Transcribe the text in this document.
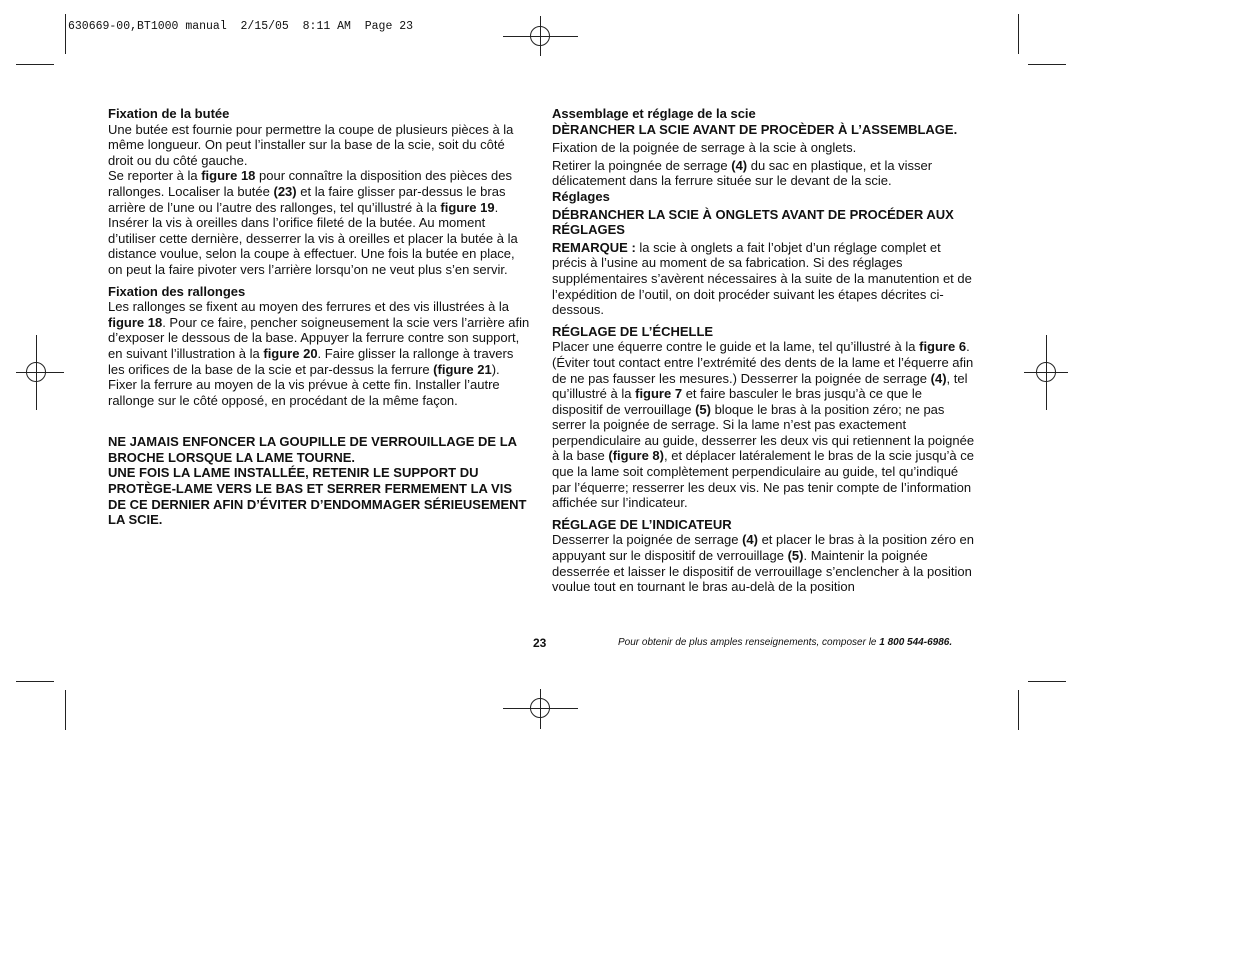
630669-00,BT1000 manual  2/15/05  8:11 AM  Page 23

Fixation de la butée

Une butée est fournie pour permettre la coupe de plusieurs pièces à la même longueur. On peut l’installer sur la base de la scie, soit du côté droit ou du côté gauche.

Se reporter à la figure 18 pour connaître la disposition des pièces des rallonges. Localiser la butée (23) et la faire glisser par-dessus le bras arrière de l’une ou l’autre des rallonges, tel qu’illustré à la figure 19. Insérer la vis à oreilles dans l’orifice fileté de la butée. Au moment d’utiliser cette dernière, desserrer la vis à oreilles et placer la butée à la distance voulue, selon la coupe à effectuer. Une fois la butée en place, on peut la faire pivoter vers l’arrière lorsqu’on ne veut plus s’en servir.

Fixation des rallonges

Les rallonges se fixent au moyen des ferrures et des vis illustrées à la figure 18. Pour ce faire, pencher soigneusement la scie vers l’arrière afin d’exposer le dessous de la base. Appuyer la ferrure contre son support, en suivant l’illustration à la figure 20. Faire glisser la rallonge à travers les orifices de la base de la scie et par-dessus la ferrure (figure 21). Fixer la ferrure au moyen de la vis prévue à cette fin. Installer l’autre rallonge sur le côté opposé, en procédant de la même façon.

NE JAMAIS ENFONCER LA GOUPILLE DE VERROUILLAGE DE LA BROCHE LORSQUE LA LAME TOURNE.

UNE FOIS LA LAME INSTALLÉE, RETENIR LE SUPPORT DU PROTÈGE-LAME VERS LE BAS ET SERRER FERMEMENT LA VIS DE CE DERNIER AFIN D’ÉVITER D’ENDOMMAGER SÉRIEUSEMENT LA SCIE.

Assemblage et réglage de la scie

DÈRANCHER LA SCIE AVANT DE PROCÈDER À L’ASSEMBLAGE.

Fixation de la poignée de serrage à la scie à onglets.

Retirer la poingnée de serrage (4) du sac en plastique, et la visser délicatement dans la ferrure située sur le devant de la scie.

Réglages

DÉBRANCHER LA SCIE À ONGLETS AVANT DE PROCÉDER AUX RÉGLAGES

REMARQUE : la scie à onglets a fait l’objet d’un réglage complet et précis à l’usine au moment de sa fabrication. Si des réglages supplémentaires s’avèrent nécessaires à la suite de la manutention et de l’expédition de l’outil, on doit procéder suivant les étapes décrites ci-dessous.

RÉGLAGE DE L’ÉCHELLE

Placer une équerre contre le guide et la lame, tel qu’illustré à la figure 6. (Éviter tout contact entre l’extrémité des dents de la lame et l’équerre afin de ne pas fausser les mesures.) Desserrer la poignée de serrage (4), tel qu’illustré à la figure 7 et faire basculer le bras jusqu’à ce que le dispositif de verrouillage (5) bloque le bras à la position zéro; ne pas serrer la poignée de serrage. Si la lame n’est pas exactement perpendiculaire au guide, desserrer les deux vis qui retiennent la poignée à la base (figure 8), et déplacer latéralement le bras de la scie jusqu’à ce que la lame soit complètement perpendiculaire au guide, tel qu’indiqué par l’équerre; resserrer les deux vis. Ne pas tenir compte de l’information affichée sur l’indicateur.

RÉGLAGE DE L’INDICATEUR

Desserrer la poignée de serrage (4) et placer le bras à la position zéro en appuyant sur le dispositif de verrouillage (5). Maintenir la poignée desserrée et laisser le dispositif de verrouillage s’enclencher à la position voulue tout en tournant le bras au-delà de la position

23	Pour obtenir de plus amples renseignements, composer le 1 800 544-6986.
